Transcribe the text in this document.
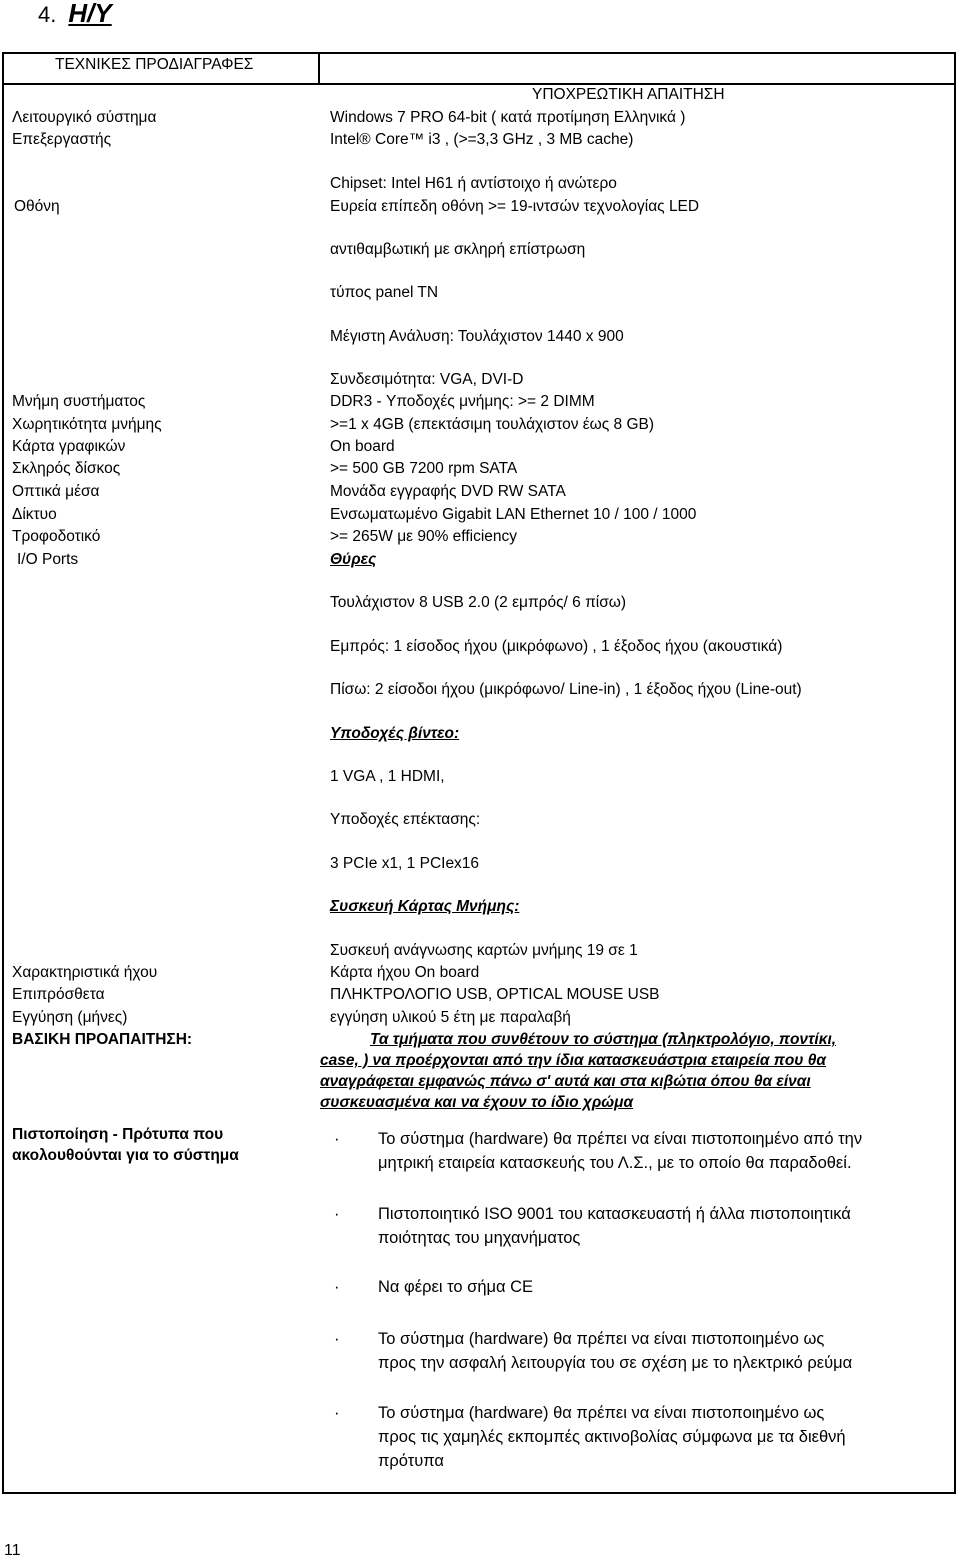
4. Η/Υ
ΤΕΧΝΙΚΕΣ ΠΡΟΔΙΑΓΡΑΦΕΣ
ΥΠΟΧΡΕΩΤΙΚΗ ΑΠΑΙΤΗΣΗ
Λειτουργικό σύστημα
Επεξεργαστής
Οθόνη
Μνήμη συστήματος
Χωρητικότητα μνήμης
Κάρτα γραφικών
Σκληρός δίσκος
Οπτικά μέσα
Δίκτυο
Τροφοδοτικό
I/O Ports
Χαρακτηριστικά ήχου
Επιπρόσθετα
Εγγύηση (μήνες)
ΒΑΣΙΚΗ ΠΡΟΑΠΑΙΤΗΣΗ:
Πιστοποίηση - Πρότυπα που
ακολουθούνται για το σύστημα
Windows 7 PRO 64-bit ( κατά προτίμηση Ελληνικά )
Intel® Core™ i3 , (>=3,3 GHz , 3 MB cache)
Chipset: Intel H61 ή αντίστοιχο ή ανώτερο
Ευρεία επίπεδη οθόνη >= 19-ιντσών τεχνολογίας LED
αντιθαμβωτική με σκληρή επίστρωση
τύπος panel TN
Μέγιστη Ανάλυση: Τουλάχιστον 1440 x 900
Συνδεσιμότητα: VGA, DVI-D
DDR3 - Υποδοχές μνήμης: >= 2 DIMM
>=1 x 4GB (επεκτάσιμη τουλάχιστον έως 8 GB)
On board
>= 500 GB 7200 rpm SATA
Μονάδα εγγραφής DVD RW SATA
Ενσωματωμένο Gigabit LAN Ethernet 10 / 100 / 1000
>= 265W με 90% efficiency
Θύρες
Τουλάχιστον 8 USB 2.0 (2 εμπρός/ 6 πίσω)
Εμπρός: 1 είσοδος ήχου (μικρόφωνο) , 1 έξοδος ήχου (ακουστικά)
Πίσω: 2 είσοδοι ήχου (μικρόφωνο/ Line-in) , 1 έξοδος ήχου (Line-out)
Υποδοχές βίντεο:
1 VGA , 1 HDMI,
Υποδοχές επέκτασης:
3 PCIe x1, 1 PCIex16
Συσκευή Κάρτας Μνήμης:
Συσκευή ανάγνωσης καρτών μνήμης 19 σε 1
Κάρτα ήχου On board
ΠΛΗΚΤΡΟΛΟΓΙΟ USB, OPTICAL MOUSE USB
εγγύηση υλικού 5 έτη με παραλαβή
Τα τμήματα που συνθέτουν το σύστημα (πληκτρολόγιο, ποντίκι,
case, ) να προέρχονται από την ίδια κατασκευάστρια εταιρεία που θα
αναγράφεται εμφανώς πάνω σ' αυτά και στα κιβώτια όπου θα είναι
συσκευασμένα και να έχουν το ίδιο χρώμα
· Το σύστημα (hardware) θα πρέπει να είναι πιστοποιημένο από την
μητρική εταιρεία κατασκευής του Λ.Σ., με το οποίο θα παραδοθεί.
· Πιστοποιητικό ISO 9001 του κατασκευαστή ή άλλα πιστοποιητικά
ποιότητας του μηχανήματος
· Να φέρει το σήμα CE
· Το σύστημα (hardware) θα πρέπει να είναι πιστοποιημένο ως
προς την ασφαλή λειτουργία του σε σχέση με το ηλεκτρικό ρεύμα
· Το σύστημα (hardware) θα πρέπει να είναι πιστοποιημένο ως
προς τις χαμηλές εκπομπές ακτινοβολίας σύμφωνα με τα διεθνή
πρότυπα
11
